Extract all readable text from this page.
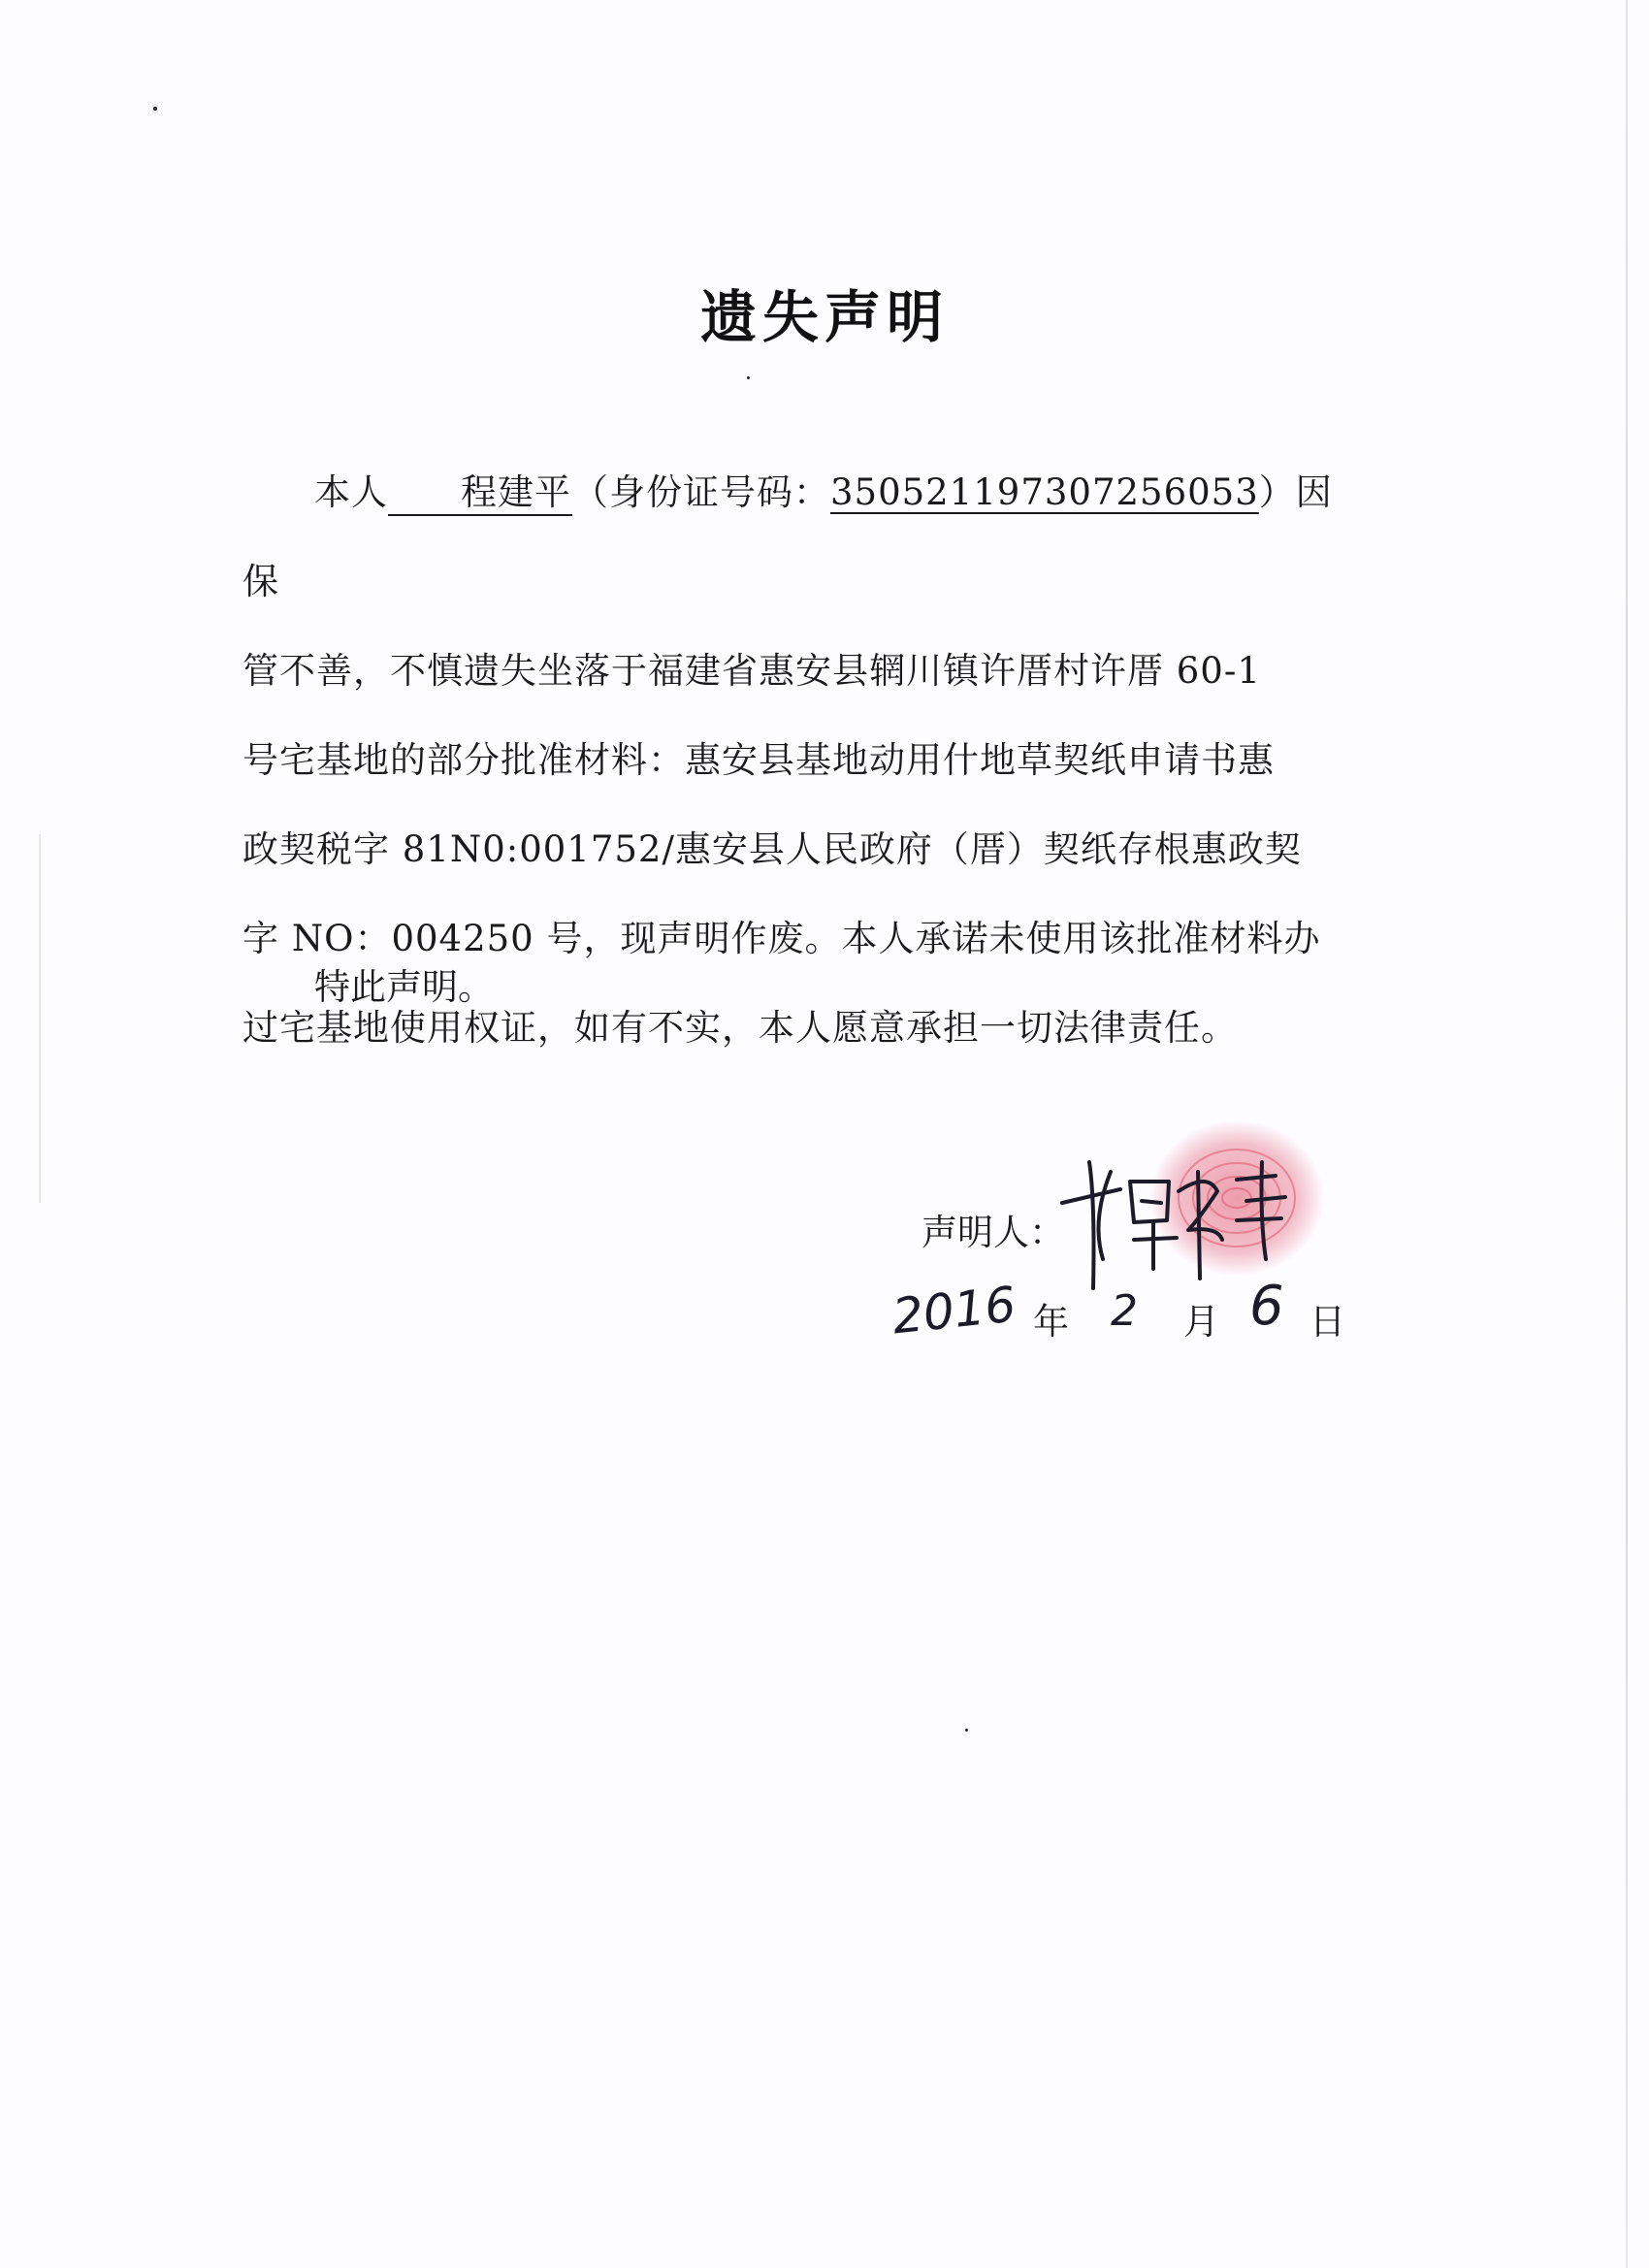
遗失声明

本人 程建平（身份证号码：350521197307256053）因保
管不善，不慎遗失坐落于福建省惠安县辋川镇许厝村许厝 60-1
号宅基地的部分批准材料：惠安县基地动用什地草契纸申请书惠
政契税字 81N0:001752/惠安县人民政府（厝）契纸存根惠政契
字 NO：004250 号，现声明作废。本人承诺未使用该批准材料办
过宅基地使用权证，如有不实，本人愿意承担一切法律责任。

特此声明。
声明人：
2016 年 2 月 6 日
